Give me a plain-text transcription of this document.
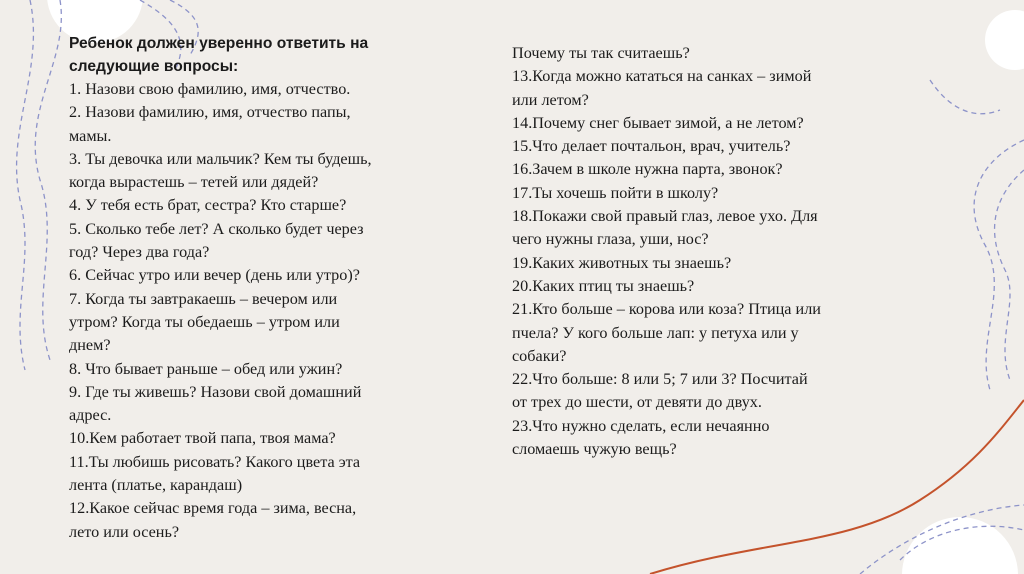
Ребенок должен уверенно ответить на
следующие вопросы:
1. Назови свою фамилию, имя, отчество.
2. Назови фамилию, имя, отчество папы,
мамы.
3. Ты девочка или мальчик? Кем ты будешь,
когда вырастешь – тетей или дядей?
4. У тебя есть брат, сестра? Кто старше?
5. Сколько тебе лет? А сколько будет через
год? Через два года?
6. Сейчас утро или вечер (день или утро)?
7. Когда ты завтракаешь – вечером или
утром? Когда ты обедаешь – утром или
днем?
8. Что бывает раньше – обед или ужин?
9. Где ты живешь? Назови свой домашний
адрес.
10.Кем работает твой папа, твоя мама?
11.Ты любишь рисовать? Какого цвета эта
лента (платье, карандаш)
12.Какое сейчас время года – зима, весна,
лето или осень?
Почему ты так считаешь?
13.Когда можно кататься на санках – зимой
или летом?
14.Почему снег бывает зимой, а не летом?
15.Что делает почтальон, врач, учитель?
16.Зачем в школе нужна парта, звонок?
17.Ты хочешь пойти в школу?
18.Покажи свой правый глаз, левое ухо. Для
чего нужны глаза, уши, нос?
19.Каких животных ты знаешь?
20.Каких птиц ты знаешь?
21.Кто больше – корова или коза? Птица или
пчела? У кого больше лап: у петуха или у
собаки?
22.Что больше: 8 или 5; 7 или 3? Посчитай
от трех до шести, от девяти до двух.
23.Что нужно сделать, если нечаянно
сломаешь чужую вещь?
